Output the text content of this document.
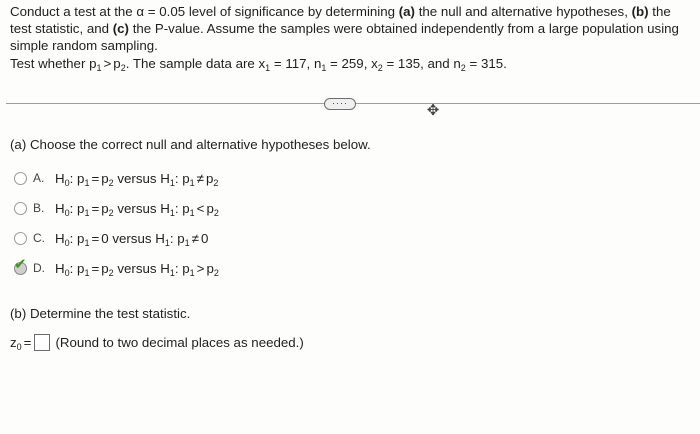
Conduct a test at the α = 0.05 level of significance by determining (a) the null and alternative hypotheses, (b) the test statistic, and (c) the P-value. Assume the samples were obtained independently from a large population using simple random sampling.

Test whether $p_1 > p_2$. The sample data are $x_1 = 117$, $n_1 = 259$, $x_2 = 135$, and $n_2 = 315$.

····	✥
(a) Choose the correct null and alternative hypotheses below.
A. $H_0$: $p_1 = p_2$ versus $H_1$: $p_1 \ne p_2$
B. $H_0$: $p_1 = p_2$ versus $H_1$: $p_1 < p_2$
C. $H_0$: $p_1 = 0$ versus $H_1$: $p_1 \ne 0$
✔ D. $H_0$: $p_1 = p_2$ versus $H_1$: $p_1 > p_2$
(b) Determine the test statistic.
$z_0$ = (Round to two decimal places as needed.)
